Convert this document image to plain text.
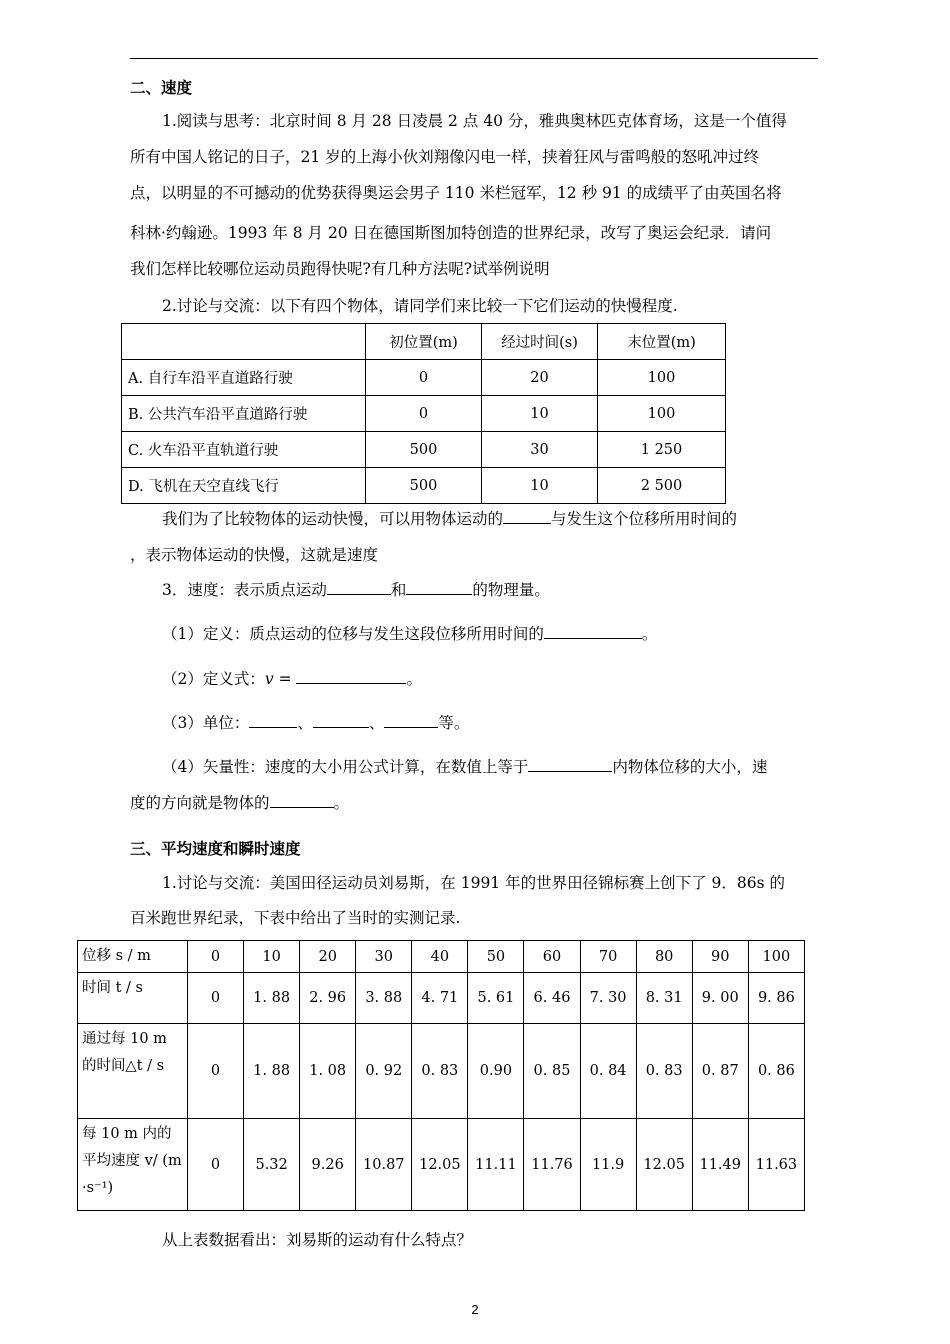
二、速度
1.阅读与思考：北京时间 8 月 28 日凌晨 2 点 40 分，雅典奥林匹克体育场，这是一个值得
所有中国人铭记的日子，21 岁的上海小伙刘翔像闪电一样，挟着狂风与雷鸣般的怒吼冲过终
点，以明显的不可撼动的优势获得奥运会男子 110 米栏冠军，12 秒 91 的成绩平了由英国名将
科林·约翰逊。1993 年 8 月 20 日在德国斯图加特创造的世界纪录，改写了奥运会纪录．请问
我们怎样比较哪位运动员跑得快呢?有几种方法呢?试举例说明
2.讨论与交流：以下有四个物体，请同学们来比较一下它们运动的快慢程度.
	初位置(m)	经过时间(s)	末位置(m)
A. 自行车沿平直道路行驶	0	20	100
B. 公共汽车沿平直道路行驶	0	10	100
C. 火车沿平直轨道行驶	500	30	1 250
D. 飞机在天空直线飞行	500	10	2 500
我们为了比较物体的运动快慢，可以用物体运动的	与发生这个位移所用时间的
，表示物体运动的快慢，这就是速度
3．速度：表示质点运动	和	的物理量。
（1）定义：质点运动的位移与发生这段位移所用时间的	。
（2）定义式：v =	。
（3）单位：	、	、	等。
（4）矢量性：速度的大小用公式计算，在数值上等于	内物体位移的大小，速
度的方向就是物体的	。
三、平均速度和瞬时速度
1.讨论与交流：美国田径运动员刘易斯，在 1991 年的世界田径锦标赛上创下了 9．86s 的
百米跑世界纪录，下表中给出了当时的实测记录.
位移 s / m	0	10	20	30	40	50	60	70	80	90	100
时间 t / s	0	1. 88	2. 96	3. 88	4. 71	5. 61	6. 46	7. 30	8. 31	9. 00	9. 86
通过每 10 m 的时间△t / s	0	1. 88	1. 08	0. 92	0. 83	0.90	0. 85	0. 84	0. 83	0. 87	0. 86
每 10 m 内的平均速度 v/ (m·s⁻¹)	0	5.32	9.26	10.87	12.05	11.11	11.76	11.9	12.05	11.49	11.63
从上表数据看出：刘易斯的运动有什么特点？
2
